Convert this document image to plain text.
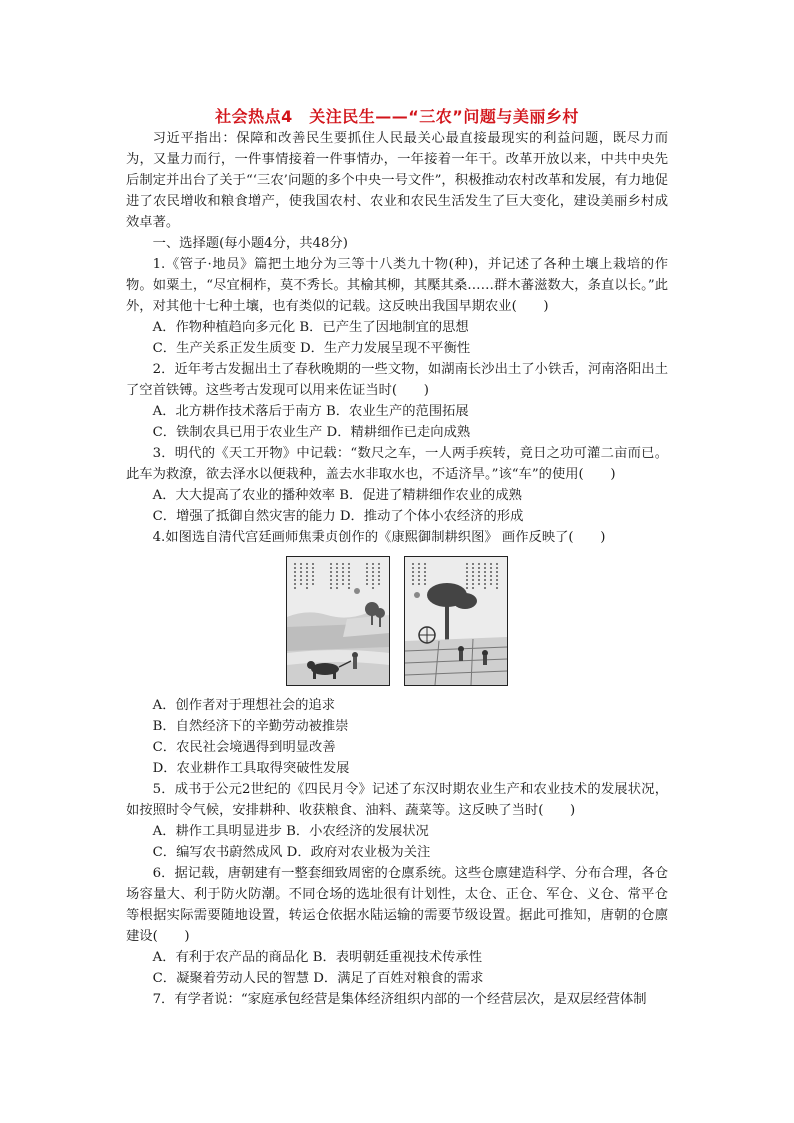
社会热点4　关注民生——“三农”问题与美丽乡村

习近平指出：保障和改善民生要抓住人民最关心最直接最现实的利益问题，既尽力而为，又量力而行，一件事情接着一件事情办，一年接着一年干。改革开放以来，中共中央先后制定并出台了关于“‘三农’问题的多个中央一号文件”，积极推动农村改革和发展，有力地促进了农民增收和粮食增产，使我国农村、农业和农民生活发生了巨大变化，建设美丽乡村成效卓著。

一、选择题(每小题4分，共48分)

1.《管子·地员》篇把土地分为三等十八类九十物(种)，并记述了各种土壤上栽培的作物。如粟土，“尽宜桐柞，莫不秀长。其榆其柳，其檿其桑……群木蕃滋数大，条直以长。”此外，对其他十七种土壤，也有类似的记载。这反映出我国早期农业(　　)

A．作物种植趋向多元化 B．已产生了因地制宜的思想

C．生产关系正发生质变 D．生产力发展呈现不平衡性

2．近年考古发掘出土了春秋晚期的一些文物，如湖南长沙出土了小铁舌，河南洛阳出土了空首铁镈。这些考古发现可以用来佐证当时(　　)

A．北方耕作技术落后于南方 B．农业生产的范围拓展

C．铁制农具已用于农业生产 D．精耕细作已走向成熟

3．明代的《天工开物》中记载：“数尺之车，一人两手疾转，竟日之功可灌二亩而已。此车为救潦，欲去泽水以便栽种，盖去水非取水也，不适济旱。”该“车”的使用(　　)

A．大大提高了农业的播种效率 B．促进了精耕细作农业的成熟

C．增强了抵御自然灾害的能力 D．推动了个体小农经济的形成

4.如图选自清代宫廷画师焦秉贞创作的《康熙御制耕织图》 画作反映了(　　)

A．创作者对于理想社会的追求

B．自然经济下的辛勤劳动被推崇

C．农民社会境遇得到明显改善

D．农业耕作工具取得突破性发展

5．成书于公元2世纪的《四民月令》记述了东汉时期农业生产和农业技术的发展状况，如按照时令气候，安排耕种、收获粮食、油料、蔬菜等。这反映了当时(　　)

A．耕作工具明显进步 B．小农经济的发展状况

C．编写农书蔚然成风 D．政府对农业极为关注

6．据记载，唐朝建有一整套细致周密的仓廪系统。这些仓廪建造科学、分布合理，各仓场容量大、利于防火防潮。不同仓场的选址很有计划性，太仓、正仓、军仓、义仓、常平仓等根据实际需要随地设置，转运仓依据水陆运输的需要节级设置。据此可推知，唐朝的仓廪建设(　　)

A．有利于农产品的商品化 B．表明朝廷重视技术传承性

C．凝聚着劳动人民的智慧 D．满足了百姓对粮食的需求

7．有学者说：“家庭承包经营是集体经济组织内部的一个经营层次，是双层经营体制
